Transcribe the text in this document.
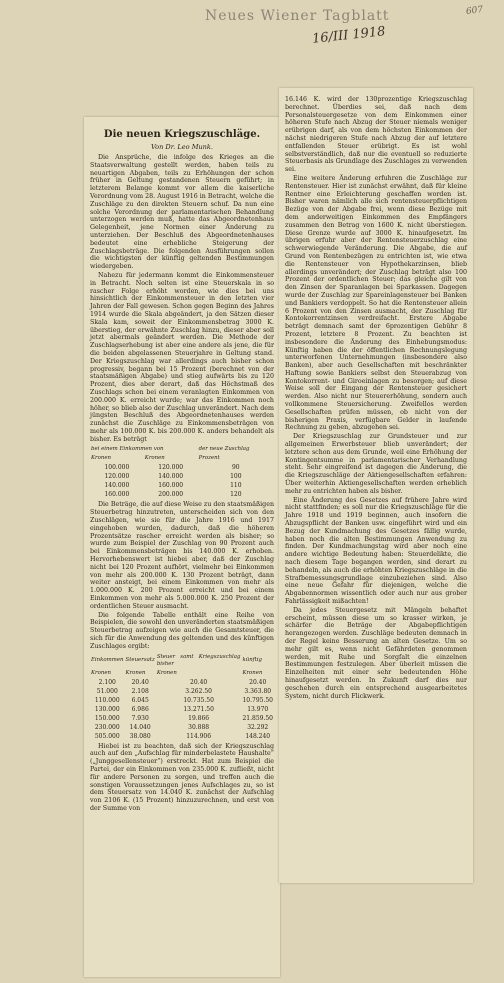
Neues Wiener Tagblatt
16/III 1918
607
Die neuen Kriegszuschläge.
Von Dr. Leo Munk.

Die Ansprüche, die infolge des Krieges an die Staatsverwaltung gestellt werden, haben teils zu neuartigen Abgaben, teils zu Erhöhungen der schon früher in Geltung gestandenen Steuern geführt; in letzterem Belange kommt vor allem die kaiserliche Verordnung vom 28. August 1916 in Betracht, welche die Zuschläge zu den direkten Steuern schuf. Da nun eine solche Verordnung der parlamentarischen Behandlung unterzogen werden muß, hatte das Abgeordnetenhaus Gelegenheit, jene Normen einer Änderung zu unterziehen. Der Beschluß des Abgeordnetenhauses bedeutet eine erhebliche Steigerung der Zuschlagsbeträge. Die folgenden Ausführungen sollen die wichtigsten der künftig geltenden Bestimmungen wiedergeben.

Nahezu für jedermann kommt die Einkommensteuer in Betracht. Noch selten ist eine Steuerskala in so rascher Folge erhöht worden, wie dies bei uns hinsichtlich der Einkommensteuer in den letzten vier Jahren der Fall gewesen. Schon gegen Beginn des Jahres 1914 wurde die Skala abgeändert, ja den Sätzen dieser Skala kam, soweit der Einkommensbetrag 3000 K. überstieg, der erwähnte Zuschlag hinzu, dieser aber soll jetzt abermals geändert werden. Die Methode der Zuschlagserhebung ist aber eine andere als jene, die für die beiden abgelassenen Steuerjahre in Geltung stand. Der Kriegszuschlag war allerdings auch bisher schon progressiv, begann bei 15 Prozent (berechnet von der staatsmäßigen Abgabe) und stieg aufwärts bis zu 120 Prozent, dies aber derart, daß das Höchstmaß des Zuschlags schon bei einem veranlagten Einkommen von 200.000 K. erreicht wurde; war das Einkommen noch höher, so blieb also der Zuschlag unverändert. Nach dem jüngsten Beschluß des Abgeordnetenhauses werden zunächst die Zuschläge zu Einkommensbeträgen von mehr als 100.000 K. bis 200.000 K. anders behandelt als bisher. Es beträgt

bei einem Einkommen von		der neue Zuschlag
Kronen	Kronen	Prozent
100.000	120.000	90
120.000	140.000	100
140.000	160.000	110
160.000	200.000	120

Die Beträge, die auf diese Weise zu den staatsmäßigen Steuerbetrag hinzutreten, unterscheiden sich von den Zuschlägen, wie sie für die Jahre 1916 und 1917 eingehoben wurden, dadurch, daß die höheren Prozentsätze rascher erreicht werden als bisher; so wurde zum Beispiel der Zuschlag von 90 Prozent auch bei Einkommensbeträgen bis 140.000 K. erhoben. Hervorhebenswert ist hiebei aber, daß der Zuschlag nicht bei 120 Prozent aufhört, vielmehr bei Einkommen von mehr als 200.000 K. 130 Prozent beträgt, dann weiter ansteigt, bei einem Einkommen von mehr als 1.000.000 K. 200 Prozent erreicht und bei einem Einkommen von mehr als 5.000.000 K. 250 Prozent der ordentlichen Steuer ausmacht.

Die folgende Tabelle enthält eine Reihe von Beispielen, die sowohl den unveränderten staatsmäßigen Steuerbetrag aufzeigen wie auch die Gesamtsteuer, die sich für die Anwendung des geltenden und des künftigen Zuschlages ergibt:

Einkommen	Steuersatz	Steuer samt Kriegszuschlag bisher	künftig
Kronen	Kronen	Kronen	Kronen
2.100	20.40	20.40	20.40
51.000	2.108	3.262.50	3.363.80
110.000	6.045	10.735.50	10.795.50
130.000	6.986	13.271.50	13.970
150.000	7.930	19.866	21.859.50
230.000	14.040	30.888	32.292
505.000	38.080	114.906	148.240

Hiebei ist zu beachten, daß sich der Kriegszuschlag auch auf den „Aufschlag für minderbelastete Haushalte“ („Junggesellensteuer“) erstreckt. Hat zum Beispiel die Partei, der ein Einkommen von 235.000 K. zufließt, nicht für andere Personen zu sorgen, und treffen auch die sonstigen Voraussetzungen jenes Aufschlages zu, so ist dem Steuersatz von 14.040 K. zunächst der Aufschlag von 2106 K. (15 Prozent) hinzuzurechnen, und erst von der Summe von

16.146 K. wird der 130prozentige Kriegszuschlag berechnet. Überdies sei, daß nach dem Personalsteuergesetze von dem Einkommen einer höheren Stufe nach Abzug der Steuer niemals weniger erübrigen darf, als von dem höchsten Einkommen der nächst niedrigeren Stufe nach Abzug der auf letztere entfallenden Steuer erübrigt. Es ist wohl selbstverständlich, daß nur die eventuell so reduzierte Steuerbasis als Grundlage des Zuschlages zu verwenden sei.

Eine weitere Änderung erfuhren die Zuschläge zur Rentensteuer. Hier ist zunächst erwähnt, daß für kleine Rentner eine Erleichterung geschaffen worden ist. Bisher waren nämlich alle sich rentensteuerpflichtigen Bezüge von der Abgabe frei, wenn diese Bezüge mit dem anderweitigen Einkommen des Empfängers zusammen den Betrag von 1600 K. nicht überstiegen. Diese Grenze wurde auf 3000 K. hinaufgesetzt. Im übrigen erfuhr aber der Rentensteuerzuschlag eine schwerwiegende Veränderung. Die Abgabe, die auf Grund von Rentenbezügen zu entrichten ist, wie etwa die Rentensteuer von Hypothekarzinsen, blieb allerdings unverändert; der Zuschlag beträgt also 100 Prozent der ordentlichen Steuer; das gleiche gilt von den Zinsen der Sparanlagen bei Sparkassen. Dagegen wurde der Zuschlag zur Spareinlagensteuer bei Banken und Bankiers verdoppelt. So hat die Rentensteuer allein 6 Prozent von den Zinsen ausmacht, der Zuschlag für Kontokorrentzinsen verdreifacht. Erstere Abgabe beträgt demnach samt der 6prozentigen Gebühr 8 Prozent, letztere 8 Prozent. Zu beachten ist insbesondere die Änderung des Einhebungsmodus: Künftig haben die der öffentlichen Rechnungslegung unterworfenen Unternehmungen (insbesondere also Banken), aber auch Gesellschaften mit beschränkter Haftung sowie Bankiers selbst den Steuerabzug von Kontokorrent- und Giroeinlagen zu besorgen; auf diese Weise soll der Eingang der Rentensteuer gesichert werden. Also nicht nur Steuererhöhung, sondern auch vollkommene Steuersicherung. Zweifellos werden Gesellschaften prüfen müssen, ob nicht von der bisherigen Praxis, verfügbare Gelder in laufende Rechnung zu geben, abzugehen sei.

Der Kriegszuschlag zur Grundsteuer und zur allgemeinen Erwerbsteuer blieb unverändert; der letztere schon aus dem Grunde, weil eine Erhöhung der Kontingentsumme in parlamentarischer Verhandlung steht. Sehr eingreifend ist dagegen die Änderung, die die Kriegszuschläge der Aktiengesellschaften erfahren: Über weiterhin Aktiengesellschaften werden erheblich mehr zu entrichten haben als bisher.

Eine Änderung des Gesetzes auf frühere Jahre wird nicht stattfinden; es soll nur die Kriegszuschläge für die Jahre 1918 und 1919 beginnen, auch insofern die Abzugspflicht der Banken usw. eingeführt wird und ein Bezug der Kundmachung des Gesetzes fällig wurde, haben noch die alten Bestimmungen Anwendung zu finden. Der Kundmachungstag wird aber noch eine andere wichtige Bedeutung haben: Steuerdelikte, die nach diesem Tage begangen werden, sind derart zu behandeln, als auch die erhöhten Kriegszuschläge in die Strafbemessungsgrundlage einzubeziehen sind. Also eine neue Gefahr für diejenigen, welche die Abgabennormen wissentlich oder auch nur aus grober Fahrlässigkeit mißachten!

Da jedes Steuergesetz mit Mängeln behaftet erscheint, müssen diese um so krasser wirken, je schärfer die Beträge der Abgabepflichtigen herangezogen werden. Zuschläge bedeuten demnach in der Regel keine Besserung an alten Gesetze. Um so mehr gilt es, wenn nicht Gefährdeten genommen werden, mit Ruhe und Sorgfalt die einzelnen Bestimmungen festzulegen. Aber überleit müssen die Einzelheiten mit einer sehr bedeutenden Höhe hinaufgesetzt werden. In Zukunft darf dies nur geschehen durch ein entsprechend ausgearbeitetes System, nicht durch Flickwerk.
